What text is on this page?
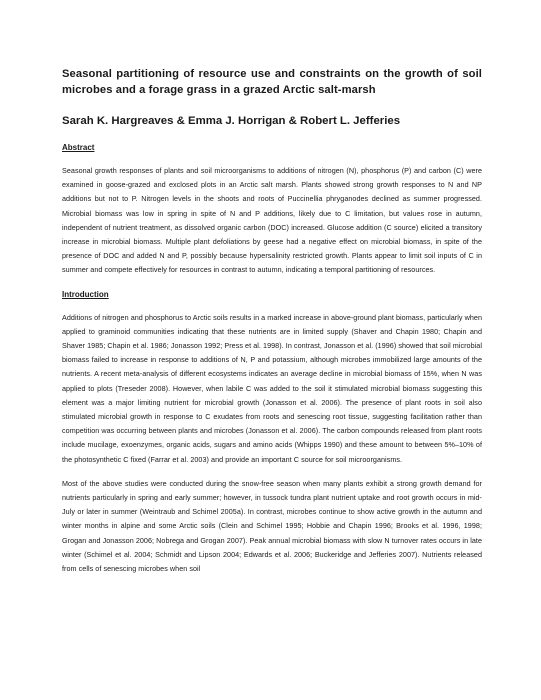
Seasonal partitioning of resource use and constraints on the growth of soil microbes and a forage grass in a grazed Arctic salt-marsh
Sarah K. Hargreaves & Emma J. Horrigan & Robert L. Jefferies
Abstract

Seasonal growth responses of plants and soil microorganisms to additions of nitrogen (N), phosphorus (P) and carbon (C) were examined in goose-grazed and exclosed plots in an Arctic salt marsh. Plants showed strong growth responses to N and NP additions but not to P. Nitrogen levels in the shoots and roots of Puccinellia phryganodes declined as summer progressed. Microbial biomass was low in spring in spite of N and P additions, likely due to C limitation, but values rose in autumn, independent of nutrient treatment, as dissolved organic carbon (DOC) increased. Glucose addition (C source) elicited a transitory increase in microbial biomass. Multiple plant defoliations by geese had a negative effect on microbial biomass, in spite of the presence of DOC and added N and P, possibly because hypersalinity restricted growth. Plants appear to limit soil inputs of C in summer and compete effectively for resources in contrast to autumn, indicating a temporal partitioning of resources.

Introduction

Additions of nitrogen and phosphorus to Arctic soils results in a marked increase in above-ground plant biomass, particularly when applied to graminoid communities indicating that these nutrients are in limited supply (Shaver and Chapin 1980; Chapin and Shaver 1985; Chapin et al. 1986; Jonasson 1992; Press et al. 1998). In contrast, Jonasson et al. (1996) showed that soil microbial biomass failed to increase in response to additions of N, P and potassium, although microbes immobilized large amounts of the nutrients. A recent meta-analysis of different ecosystems indicates an average decline in microbial biomass of 15%, when N was applied to plots (Treseder 2008). However, when labile C was added to the soil it stimulated microbial biomass suggesting this element was a major limiting nutrient for microbial growth (Jonasson et al. 2006). The presence of plant roots in soil also stimulated microbial growth in response to C exudates from roots and senescing root tissue, suggesting facilitation rather than competition was occurring between plants and microbes (Jonasson et al. 2006). The carbon compounds released from plant roots include mucilage, exoenzymes, organic acids, sugars and amino acids (Whipps 1990) and these amount to between 5%–10% of the photosynthetic C fixed (Farrar et al. 2003) and provide an important C source for soil microorganisms.

Most of the above studies were conducted during the snow-free season when many plants exhibit a strong growth demand for nutrients particularly in spring and early summer; however, in tussock tundra plant nutrient uptake and root growth occurs in mid-July or later in summer (Weintraub and Schimel 2005a). In contrast, microbes continue to show active growth in the autumn and winter months in alpine and some Arctic soils (Clein and Schimel 1995; Hobbie and Chapin 1996; Brooks et al. 1996, 1998; Grogan and Jonasson 2006; Nobrega and Grogan 2007). Peak annual microbial biomass with slow N turnover rates occurs in late winter (Schimel et al. 2004; Schmidt and Lipson 2004; Edwards et al. 2006; Buckeridge and Jefferies 2007). Nutrients released from cells of senescing microbes when soil
